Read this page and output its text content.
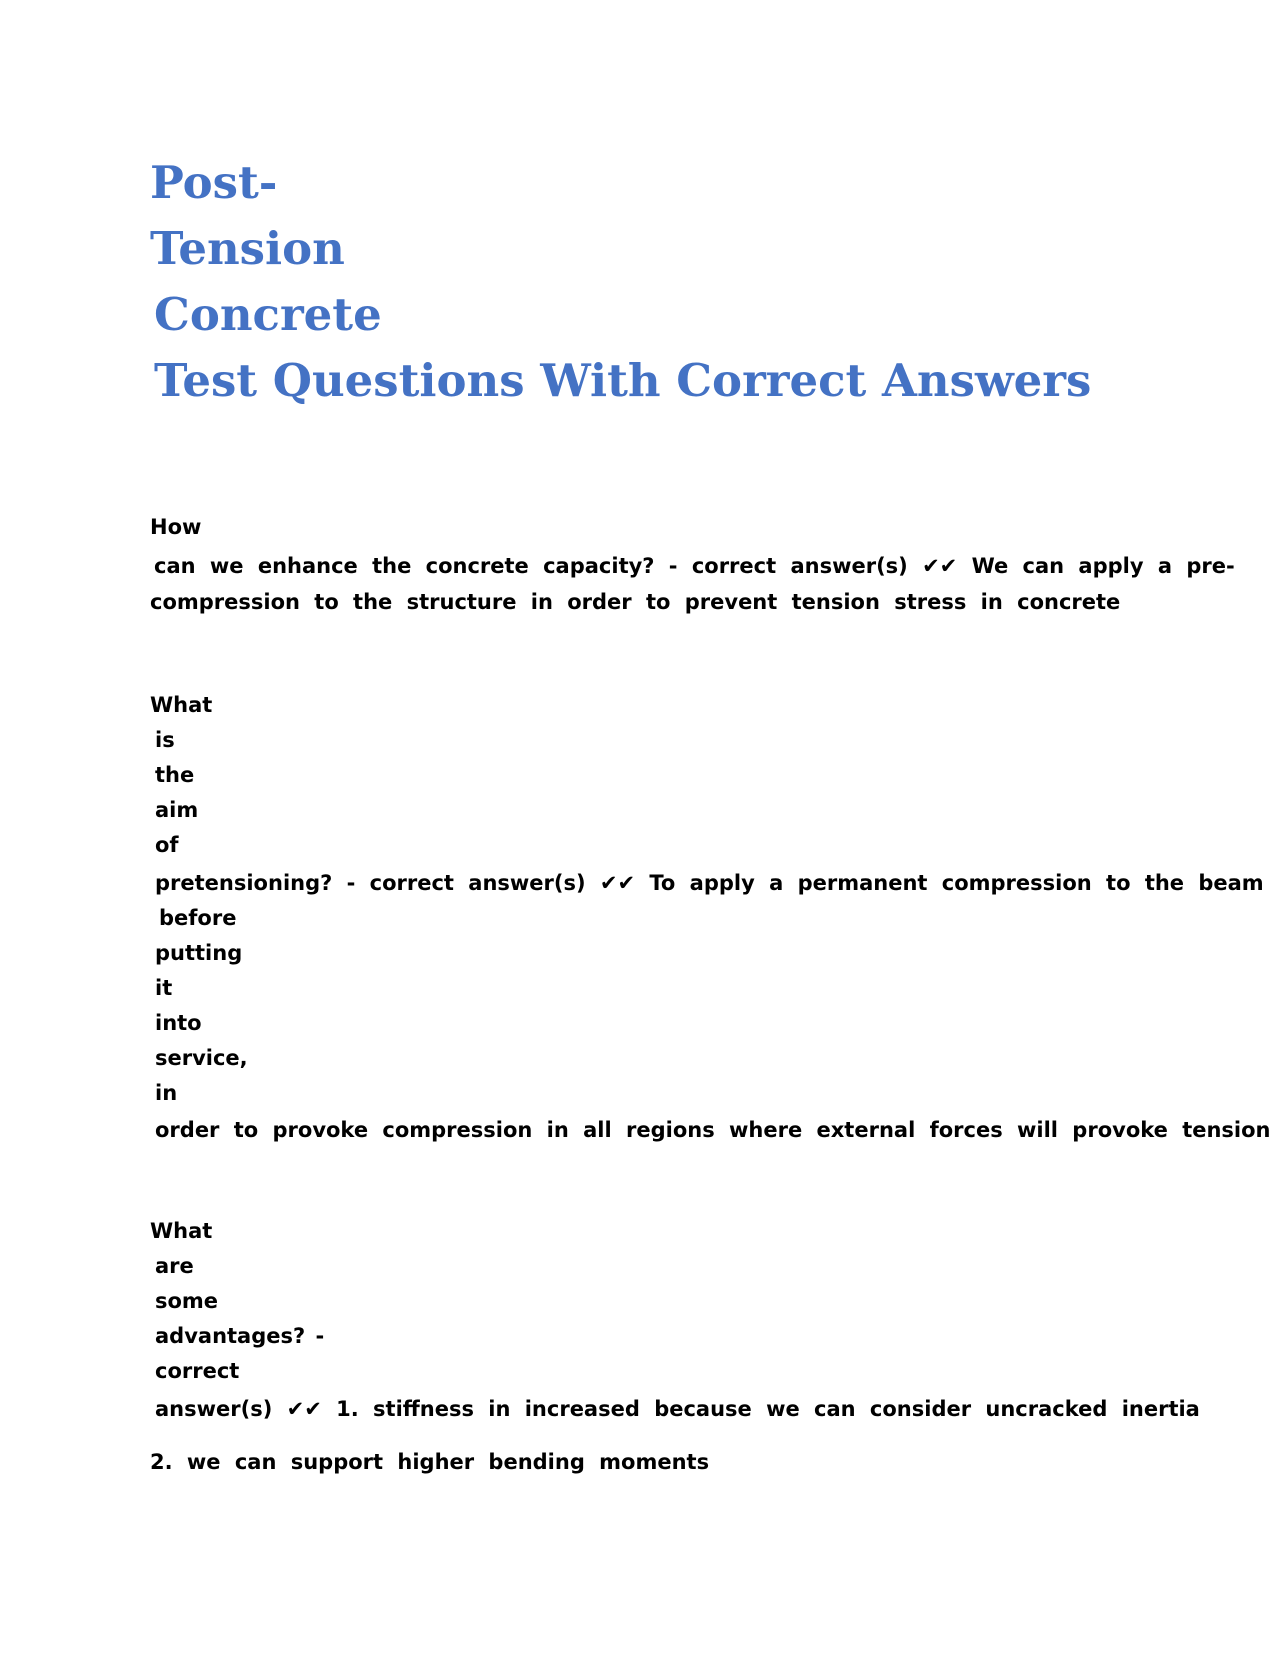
Post-
Tension
Concrete
Test Questions With Correct Answers

How

can we enhance the concrete capacity? - correct answer(s) ✔✔ We can apply a pre-

compression to the structure in order to prevent tension stress in concrete

What

is

the

aim

of

pretensioning? - correct answer(s) ✔✔ To apply a permanent compression to the beam

before

putting

it

into

service,

in

order to provoke compression in all regions where external forces will provoke tension

What

are

some

advantages? -

correct

answer(s) ✔✔ 1. stiffness in increased because we can consider uncracked inertia

2. we can support higher bending moments
